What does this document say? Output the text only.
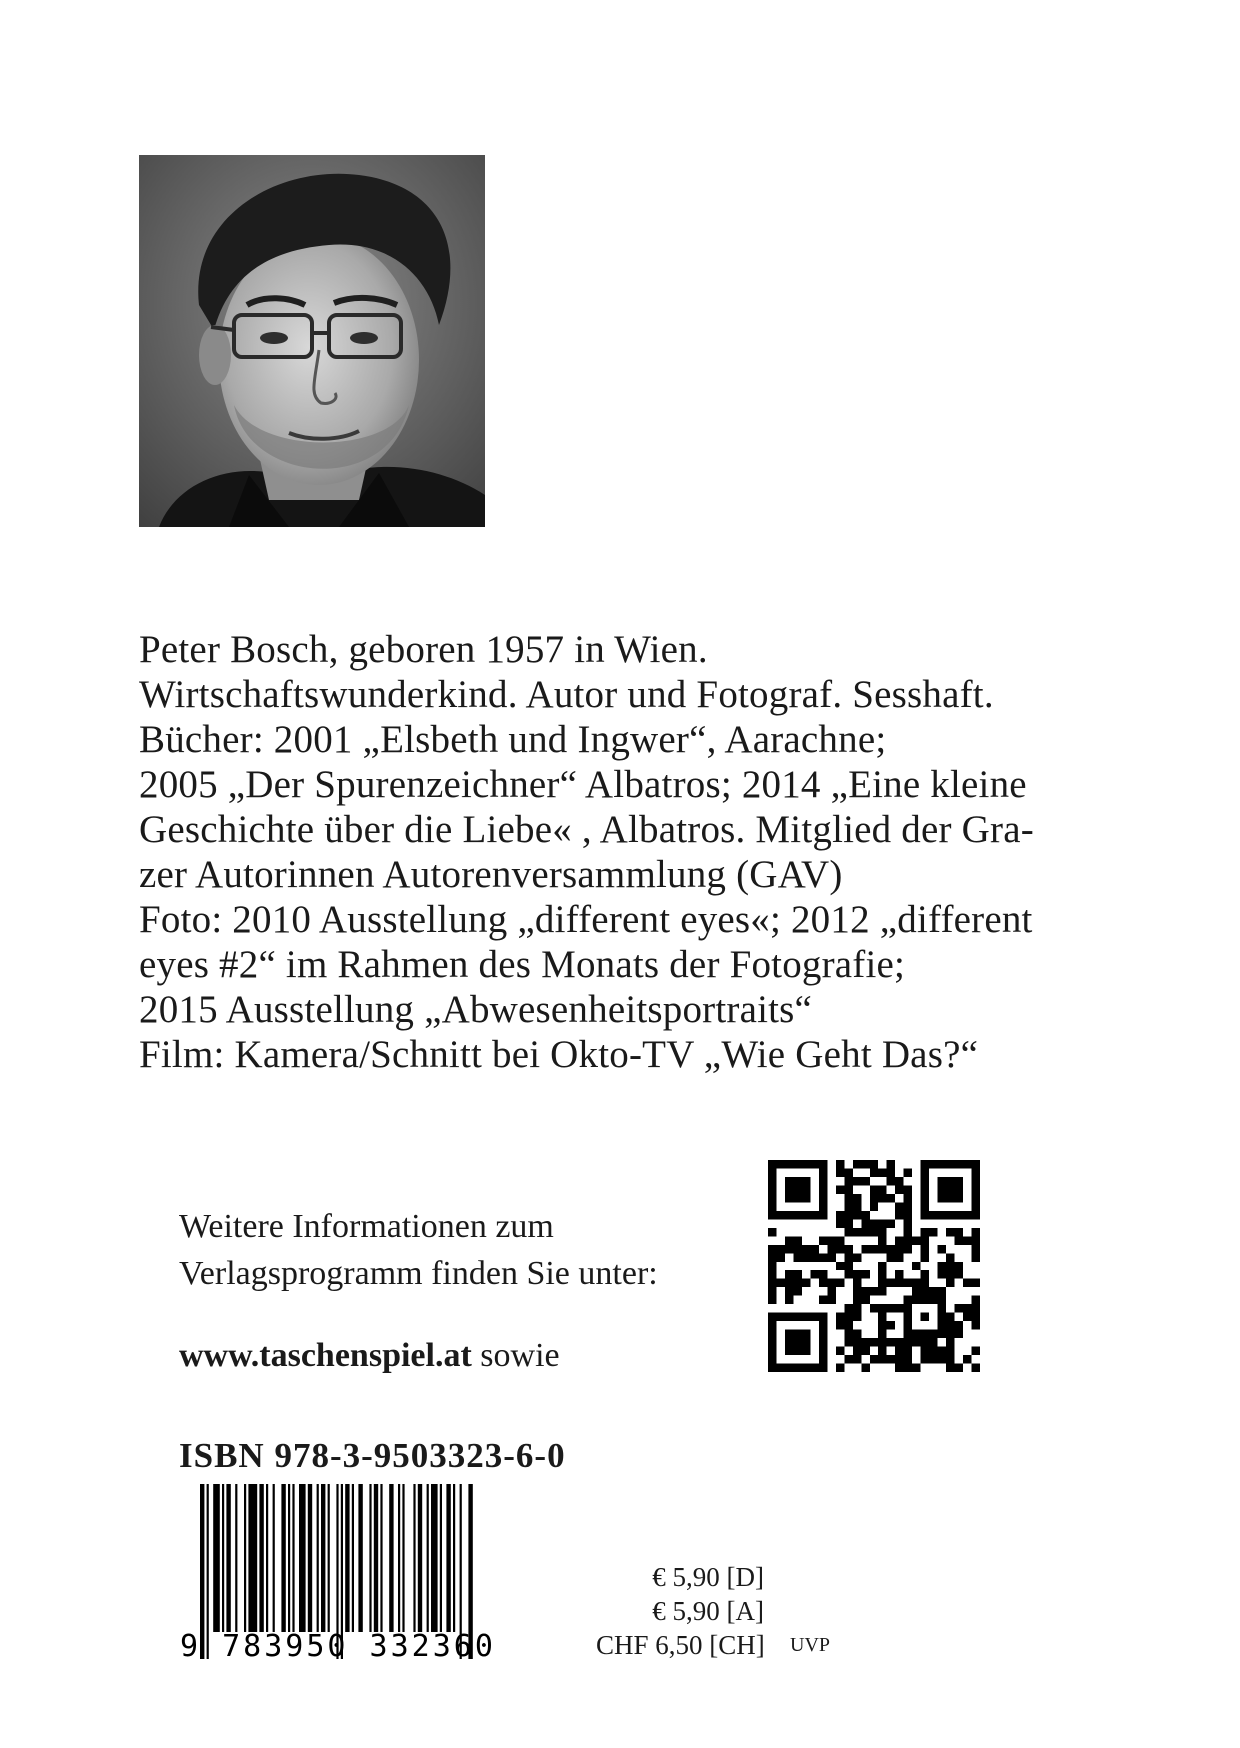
Peter Bosch, geboren 1957 in Wien.
Wirtschaftswunderkind. Autor und Fotograf. Sesshaft.
Bücher: 2001 „Elsbeth und Ingwer“, Aarachne;
2005 „Der Spurenzeichner“ Albatros; 2014 „Eine kleine
Geschichte über die Liebe« , Albatros. Mitglied der Gra-
zer Autorinnen Autorenversammlung (GAV)
Foto: 2010 Ausstellung „different eyes«; 2012 „different
eyes #2“ im Rahmen des Monats der Fotografie;
2015 Ausstellung „Abwesenheitsportraits“
Film: Kamera/Schnitt bei Okto-TV „Wie Geht Das?“
Weitere Informationen zum
Verlagsprogramm finden Sie unter:
www.taschenspiel.at sowie
ISBN 978-3-9503323-6-0
9 783950 332360
€ 5,90 [D]
€ 5,90 [A]
CHF 6,50 [CH] UVP
